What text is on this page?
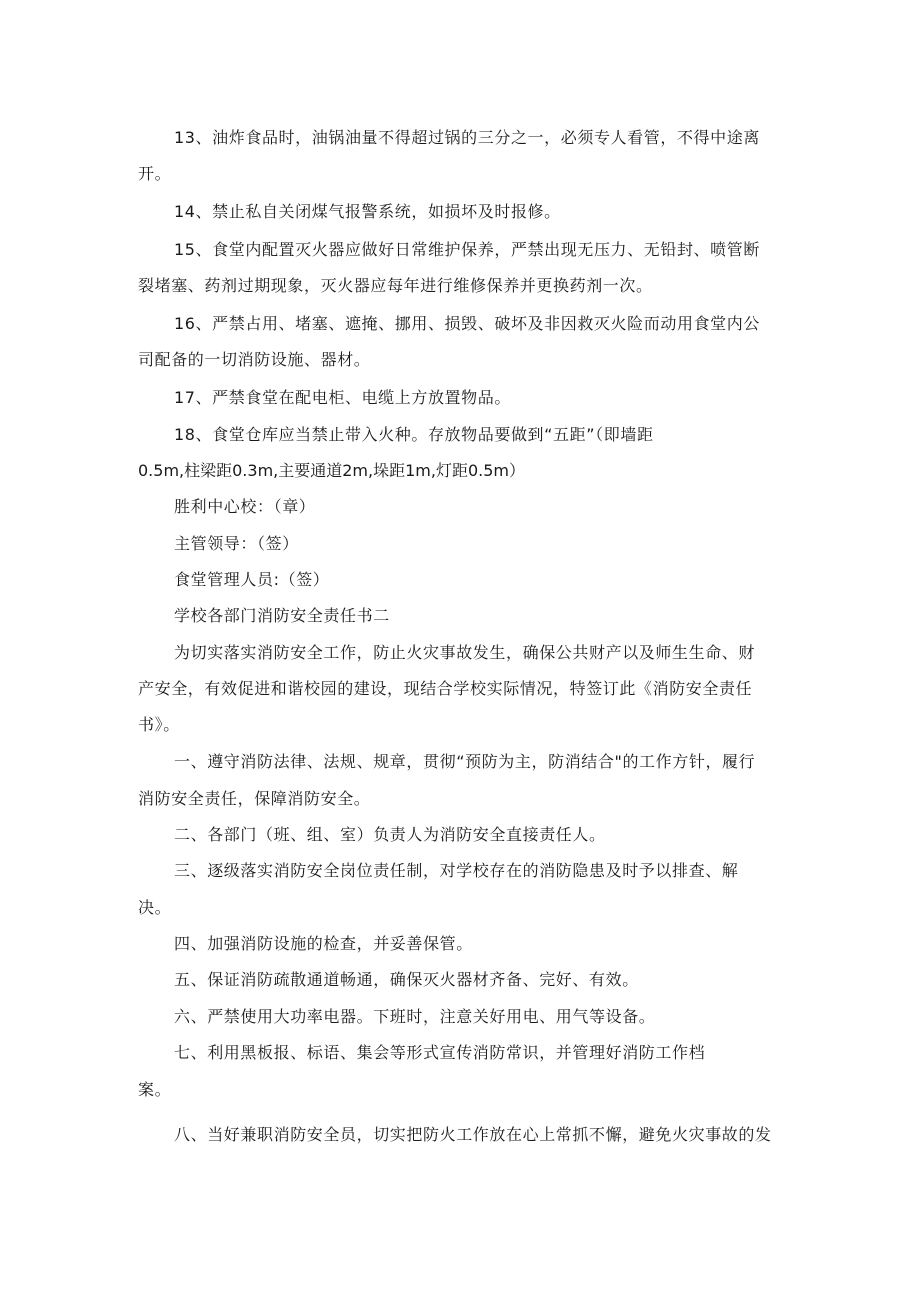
13、油炸食品时，油锅油量不得超过锅的三分之一，必须专人看管，不得中途离
开。
14、禁止私自关闭煤气报警系统，如损坏及时报修。
15、食堂内配置灭火器应做好日常维护保养，严禁出现无压力、无铅封、喷管断
裂堵塞、药剂过期现象，灭火器应每年进行维修保养并更换药剂一次。
16、严禁占用、堵塞、遮掩、挪用、损毁、破坏及非因救灭火险而动用食堂内公
司配备的一切消防设施、器材。
17、严禁食堂在配电柜、电缆上方放置物品。
18、食堂仓库应当禁止带入火种。存放物品要做到“五距”（即墙距
0.5m,柱梁距0.3m,主要通道2m,垛距1m,灯距0.5m）
胜利中心校：（章）
主管领导：（签）
食堂管理人员:（签）
学校各部门消防安全责任书二
为切实落实消防安全工作，防止火灾事故发生，确保公共财产以及师生生命、财
产安全，有效促进和谐校园的建设，现结合学校实际情况，特签订此《消防安全责任
书》。
一、遵守消防法律、法规、规章，贯彻“预防为主，防消结合"的工作方针，履行
消防安全责任，保障消防安全。
二、各部门（班、组、室）负责人为消防安全直接责任人。
三、逐级落实消防安全岗位责任制，对学校存在的消防隐患及时予以排查、解
决。
四、加强消防设施的检查，并妥善保管。
五、保证消防疏散通道畅通，确保灭火器材齐备、完好、有效。
六、严禁使用大功率电器。下班时，注意关好用电、用气等设备。
七、利用黑板报、标语、集会等形式宣传消防常识，并管理好消防工作档
案。
八、当好兼职消防安全员，切实把防火工作放在心上常抓不懈，避免火灾事故的发
